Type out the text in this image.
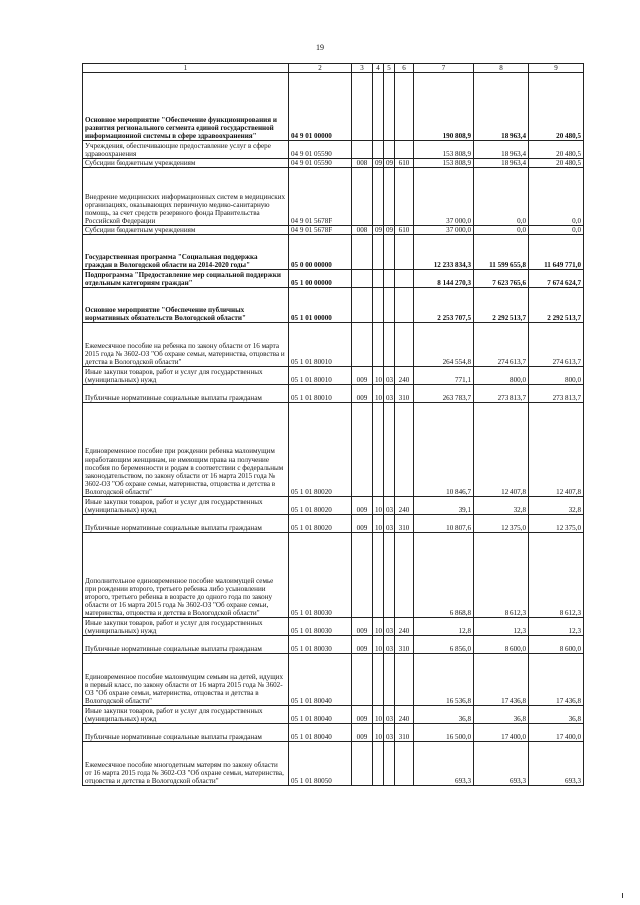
19
1	2	3	4	5	6	7	8	9
Основное мероприятие "Обеспечение функционирования и развития регионального сегмента единой государственной информационной системы в сфере здравоохранения"	04 9 01 00000					190 808,9	18 963,4	20 480,5
Учреждения, обеспечивающие предоставление услуг в сфере здравоохранения	04 9 01 05590					153 808,9	18 963,4	20 480,5
Субсидии бюджетным учреждениям	04 9 01 05590	008	09	09	610	153 808,9	18 963,4	20 480,5
Внедрение медицинских информационных систем в медицинских организациях, оказывающих первичную медико-санитарную помощь, за счет средств резервного фонда Правительства Российской Федерации	04 9 01 5678F					37 000,0	0,0	0,0
Субсидии бюджетным учреждениям	04 9 01 5678F	008	09	09	610	37 000,0	0,0	0,0
Государственная программа "Социальная поддержка граждан в Вологодской области на 2014-2020 годы"	05 0 00 00000					12 233 834,3	11 599 655,8	11 649 771,0
Подпрограмма "Предоставление мер социальной поддержки отдельным категориям граждан"	05 1 00 00000					8 144 270,3	7 623 765,6	7 674 624,7
Основное мероприятие "Обеспечение публичных нормативных обязательств Вологодской области"	05 1 01 00000					2 253 707,5	2 292 513,7	2 292 513,7
Ежемесячное пособие на ребенка по закону области от 16 марта 2015 года № 3602-ОЗ "Об охране семьи, материнства, отцовства и детства в Вологодской области"	05 1 01 80010					264 554,8	274 613,7	274 613,7
Иные закупки товаров, работ и услуг для государственных (муниципальных) нужд	05 1 01 80010	009	10	03	240	771,1	800,0	800,0
Публичные нормативные социальные выплаты гражданам	05 1 01 80010	009	10	03	310	263 783,7	273 813,7	273 813,7
Единовременное пособие при рождении ребенка малоимущим неработающим женщинам, не имеющим права на получение пособия по беременности и родам в соответствии с федеральным законодательством, по закону области от 16 марта 2015 года № 3602-ОЗ "Об охране семьи, материнства, отцовства и детства в Вологодской области"	05 1 01 80020					10 846,7	12 407,8	12 407,8
Иные закупки товаров, работ и услуг для государственных (муниципальных) нужд	05 1 01 80020	009	10	03	240	39,1	32,8	32,8
Публичные нормативные социальные выплаты гражданам	05 1 01 80020	009	10	03	310	10 807,6	12 375,0	12 375,0
Дополнительное единовременное пособие малоимущей семье при рождении второго, третьего ребенка либо усыновлении второго, третьего ребенка в возрасте до одного года по закону области от 16 марта 2015 года № 3602-ОЗ "Об охране семьи, материнства, отцовства и детства в Вологодской области"	05 1 01 80030					6 868,8	8 612,3	8 612,3
Иные закупки товаров, работ и услуг для государственных (муниципальных) нужд	05 1 01 80030	009	10	03	240	12,8	12,3	12,3
Публичные нормативные социальные выплаты гражданам	05 1 01 80030	009	10	03	310	6 856,0	8 600,0	8 600,0
Единовременное пособие малоимущим семьям на детей, идущих в первый класс, по закону области от 16 марта 2015 года № 3602-ОЗ "Об охране семьи, материнства, отцовства и детства в Вологодской области"	05 1 01 80040					16 536,8	17 436,8	17 436,8
Иные закупки товаров, работ и услуг для государственных (муниципальных) нужд	05 1 01 80040	009	10	03	240	36,8	36,8	36,8
Публичные нормативные социальные выплаты гражданам	05 1 01 80040	009	10	03	310	16 500,0	17 400,0	17 400,0
Ежемесячное пособие многодетным матерям по закону области от 16 марта 2015 года № 3602-ОЗ "Об охране семьи, материнства, отцовства и детства в Вологодской области"	05 1 01 80050					693,3	693,3	693,3
